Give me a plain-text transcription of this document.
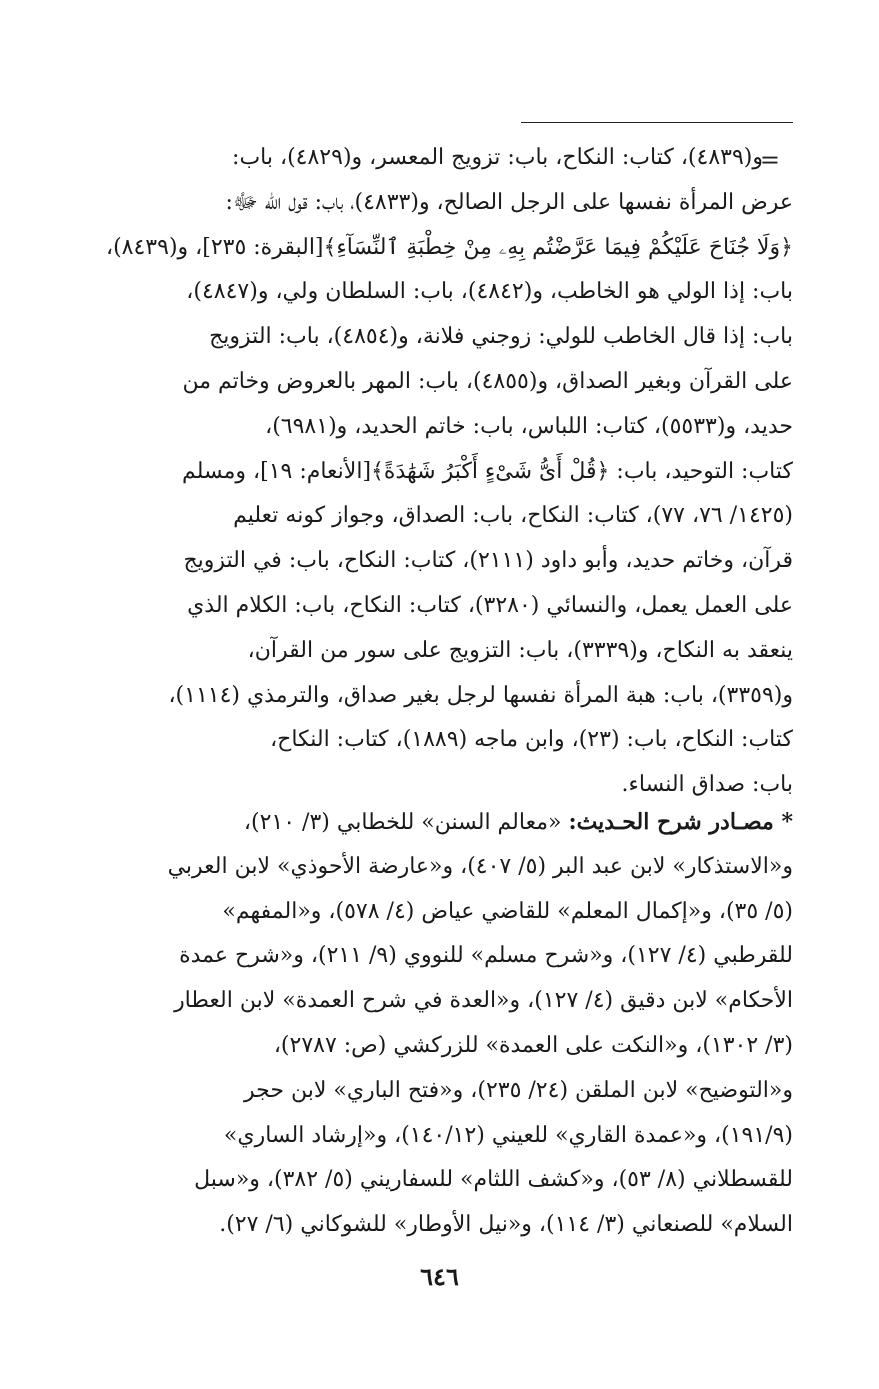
=
و(٤٨٣٩)، كتاب: النكاح، باب: تزويج المعسر، و(٤٨٢٩)، باب:
عرض المرأة نفسها على الرجل الصالح، و(٤٨٣٣)، باب: قول الله ﷻ:
﴿وَلَا جُنَاحَ عَلَيْكُمْ فِيمَا عَرَّضْتُم بِهِۦ مِنْ خِطْبَةِ ٱلنِّسَآءِ﴾[البقرة: ٢٣٥]، و(٨٤٣٩)،
باب: إذا الولي هو الخاطب، و(٤٨٤٢)، باب: السلطان ولي، و(٤٨٤٧)،
باب: إذا قال الخاطب للولي: زوجني فلانة، و(٤٨٥٤)، باب: التزويج
على القرآن وبغير الصداق، و(٤٨٥٥)، باب: المهر بالعروض وخاتم من
حديد، و(٥٥٣٣)، كتاب: اللباس، باب: خاتم الحديد، و(٦٩٨١)،
كتاب: التوحيد، باب: ﴿قُلْ أَىُّ شَىْءٍ أَكْبَرُ شَهَٰدَةً﴾[الأنعام: ١٩]، ومسلم
(١٤٢٥/ ٧٦، ٧٧)، كتاب: النكاح، باب: الصداق، وجواز كونه تعليم
قرآن، وخاتم حديد، وأبو داود (٢١١١)، كتاب: النكاح، باب: في التزويج
على العمل يعمل، والنسائي (٣٢٨٠)، كتاب: النكاح، باب: الكلام الذي
ينعقد به النكاح، و(٣٣٣٩)، باب: التزويج على سور من القرآن،
و(٣٣٥٩)، باب: هبة المرأة نفسها لرجل بغير صداق، والترمذي (١١١٤)،
كتاب: النكاح، باب: (٢٣)، وابن ماجه (١٨٨٩)، كتاب: النكاح،
باب: صداق النساء.
* مصـادر شرح الحـديث: «معالم السنن» للخطابي (٣/ ٢١٠)،
و«الاستذكار» لابن عبد البر (٥/ ٤٠٧)، و«عارضة الأحوذي» لابن العربي
(٥/ ٣٥)، و«إكمال المعلم» للقاضي عياض (٤/ ٥٧٨)، و«المفهم»
للقرطبي (٤/ ١٢٧)، و«شرح مسلم» للنووي (٩/ ٢١١)، و«شرح عمدة
الأحكام» لابن دقيق (٤/ ١٢٧)، و«العدة في شرح العمدة» لابن العطار
(٣/ ١٣٠٢)، و«النكت على العمدة» للزركشي (ص: ٢٧٨٧)،
و«التوضيح» لابن الملقن (٢٤/ ٢٣٥)، و«فتح الباري» لابن حجر
(١٩١/٩)، و«عمدة القاري» للعيني (١٤٠/١٢)، و«إرشاد الساري»
للقسطلاني (٨/ ٥٣)، و«كشف اللثام» للسفاريني (٥/ ٣٨٢)، و«سبل
السلام» للصنعاني (٣/ ١١٤)، و«نيل الأوطار» للشوكاني (٦/ ٢٧).
٦٤٦
